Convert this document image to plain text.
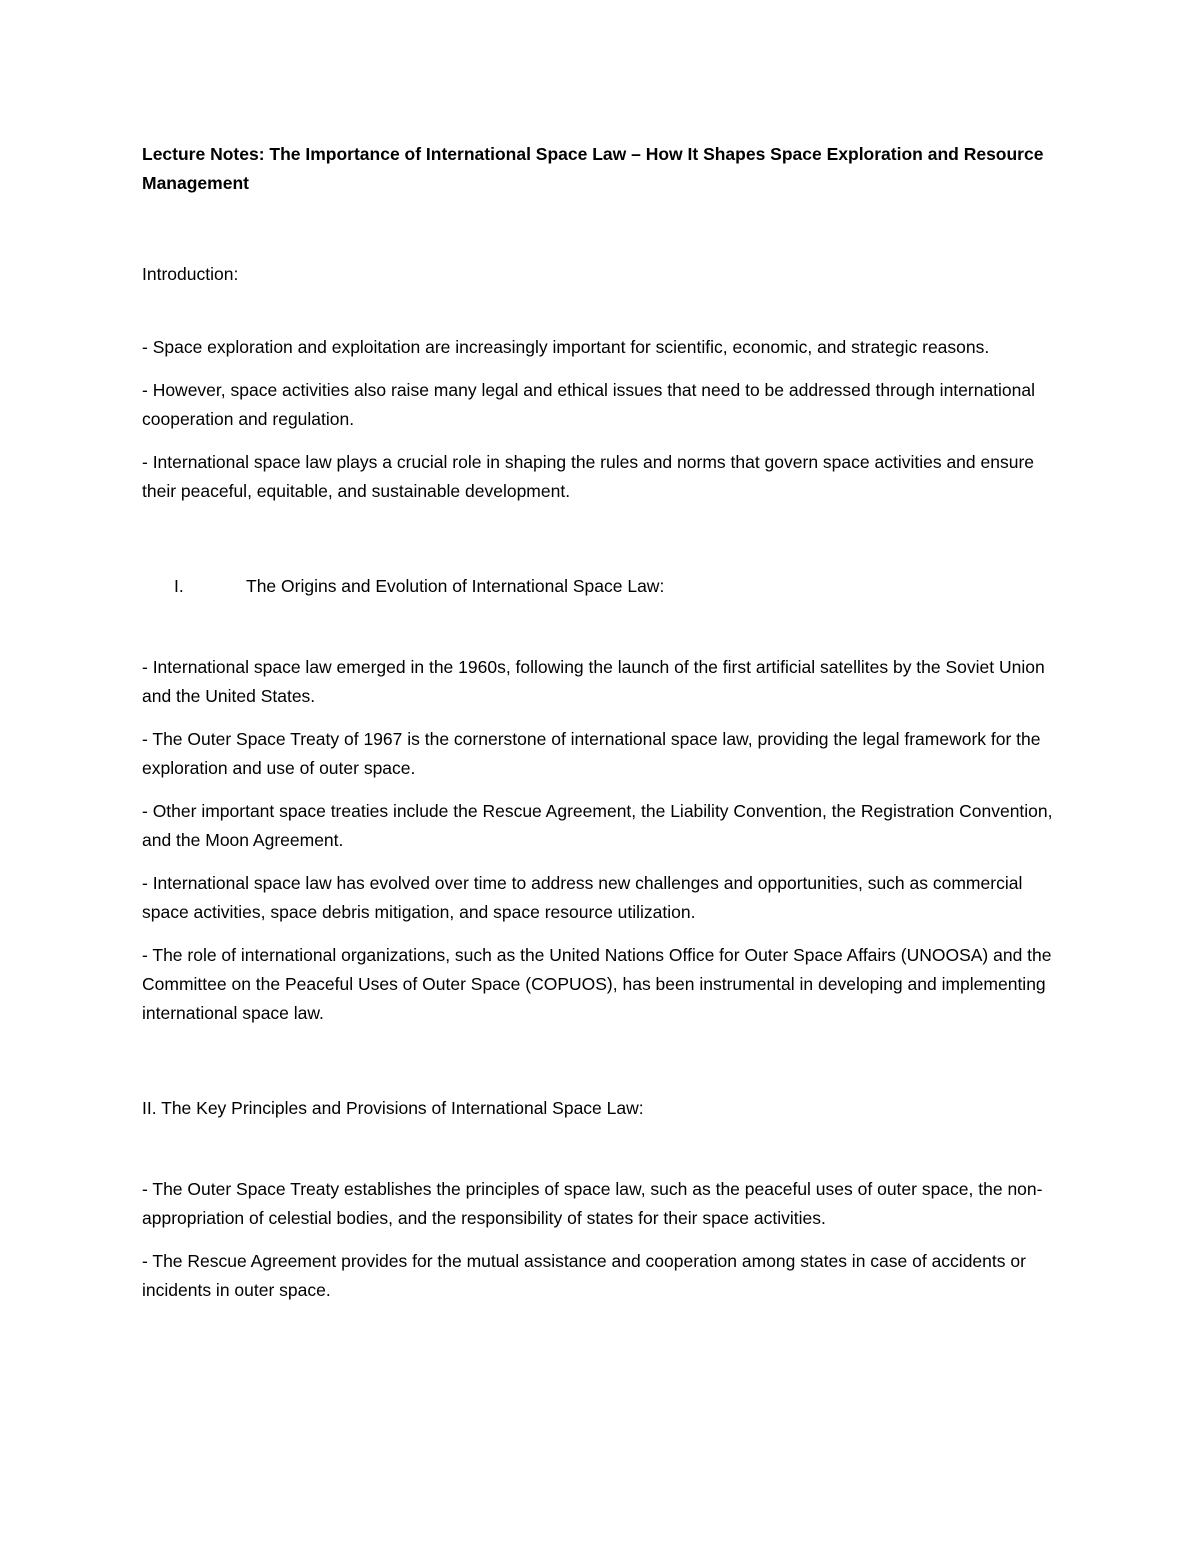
Lecture Notes: The Importance of International Space Law – How It Shapes Space Exploration and Resource Management

Introduction:

- Space exploration and exploitation are increasingly important for scientific, economic, and strategic reasons.

- However, space activities also raise many legal and ethical issues that need to be addressed through international cooperation and regulation.

- International space law plays a crucial role in shaping the rules and norms that govern space activities and ensure their peaceful, equitable, and sustainable development.

I.	The Origins and Evolution of International Space Law:

- International space law emerged in the 1960s, following the launch of the first artificial satellites by the Soviet Union and the United States.

- The Outer Space Treaty of 1967 is the cornerstone of international space law, providing the legal framework for the exploration and use of outer space.

- Other important space treaties include the Rescue Agreement, the Liability Convention, the Registration Convention, and the Moon Agreement.

- International space law has evolved over time to address new challenges and opportunities, such as commercial space activities, space debris mitigation, and space resource utilization.

- The role of international organizations, such as the United Nations Office for Outer Space Affairs (UNOOSA) and the Committee on the Peaceful Uses of Outer Space (COPUOS), has been instrumental in developing and implementing international space law.

II. The Key Principles and Provisions of International Space Law:

- The Outer Space Treaty establishes the principles of space law, such as the peaceful uses of outer space, the non-appropriation of celestial bodies, and the responsibility of states for their space activities.

- The Rescue Agreement provides for the mutual assistance and cooperation among states in case of accidents or incidents in outer space.
